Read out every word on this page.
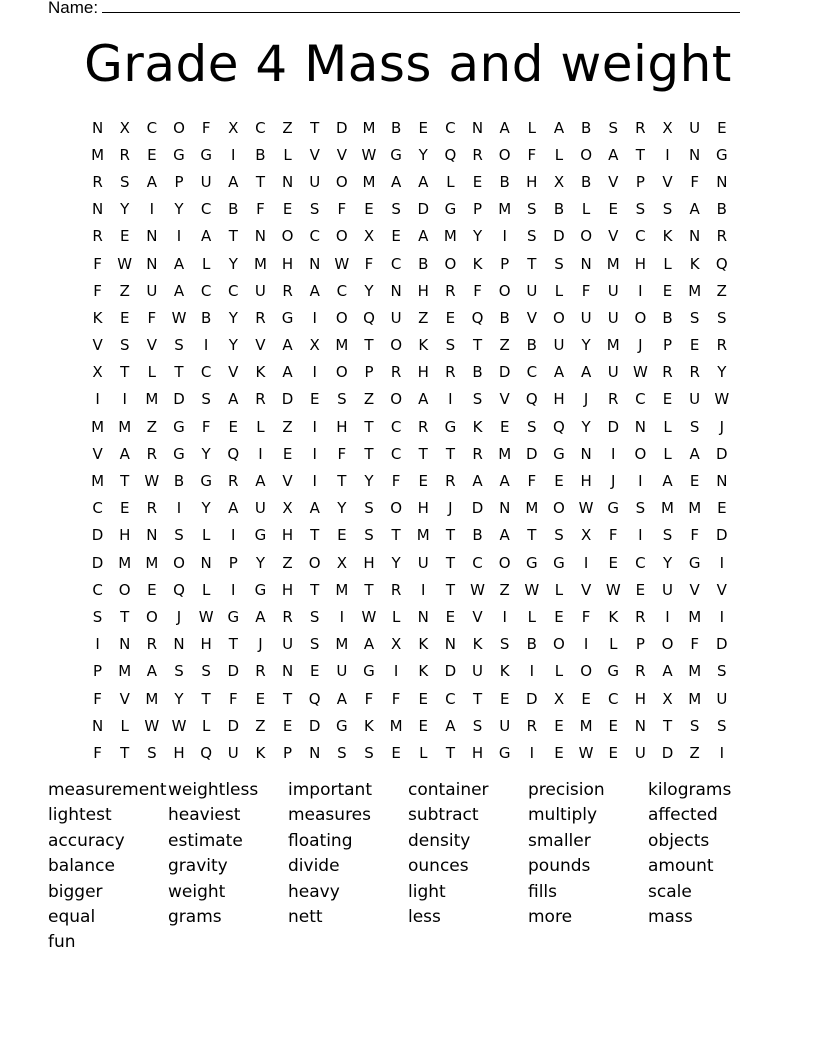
Name:
Grade 4 Mass and weight
N	X	C	O	F	X	C	Z	T	D M	B	E	C	N	A	L	A	B	S	R	X	U	E
M	R	E	G	G	I	B	L	V	V W G	Y	Q	R	O	F	L	O	A	T	I	N	G
R	S	A	P	U	A	T	N	U	O M	A	A	L	E	B	H	X	B	V	P	V	F	N
N	Y	I	Y	C	B	F	E	S	F	E	S	D	G	P	M	S	B	L	E	S	S	A	B
R	E	N	I	A	T	N	O	C	O	X	E	A	M	Y	I	S	D	O	V	C	K	N	R
F	W N	A	L	Y	M	H	N W	F	C	B	O	K	P	T	S	N	M	H	L	K	Q
F	Z	U	A	C	C	U	R	A	C	Y	N	H	R	F	O	U	L	F	U	I	E	M	Z
K	E	F	W B	Y	R	G	I	O	Q	U	Z	E	Q	B	V	O	U	U	O	B	S	S
V	S	V	S	I	Y	V	A	X	M	T	O	K	S	T	Z	B	U	Y	M	J	P	E	R
X	T	L	T	C	V	K	A	I	O	P	R	H	R	B	D	C	A	A	U W R	R	Y
I	I	M D	S	A	R	D	E	S	Z	O	A	I	S	V	Q	H	J	R	C	E	U W
M M	Z	G	F	E	L	Z	I	H	T	C	R	G	K	E	S	Q	Y	D	N	L	S	J
V	A	R	G	Y	Q	I	E	I	F	T	C	T	T	R	M D	G	N	I	O	L	A	D
M	T	W B	G	R	A	V	I	T	Y	F	E	R	A	A	F	E	H	J	I	A	E	N
C	E	R	I	Y	A	U	X	A	Y	S	O	H	J	D	N	M O W G	S	M M	E
D	H	N	S	L	I	G	H	T	E	S	T	M	T	B	A	T	S	X	F	I	S	F	D
D M M O	N	P	Y	Z	O	X	H	Y	U	T	C	O	G	G	I	E	C	Y	G	I
C	O	E	Q	L	I	G	H	T	M	T	R	I	T	W Z W	L	V W E	U	V	V
S	T	O	J	W G	A	R	S	I	W	L	N	E	V	I	L	E	F	K	R	I	M	I
I	N	R	N	H	T	J	U	S	M	A	X	K	N	K	S	B	O	I	L	P	O	F	D
P	M	A	S	S	D	R	N	E	U	G	I	K	D	U	K	I	L	O	G	R	A	M	S
F	V	M	Y	T	F	E	T	Q	A	F	F	E	C	T	E	D	X	E	C	H	X	M	U
N	L	W W	L	D	Z	E	D	G	K	M	E	A	S	U	R	E	M	E	N	T	S	S
F	T	S	H	Q	U	K	P	N	S	S	E	L	T	H	G	I	E W E	U	D	Z	I
measurement weightless	important	container	precision	kilograms
lightest	heaviest	measures	subtract	multiply	affected
accuracy	estimate	floating	density	smaller	objects
balance	gravity	divide	ounces	pounds	amount
bigger	weight	heavy	light	fills	scale
equal	grams	nett	less	more	mass
fun
